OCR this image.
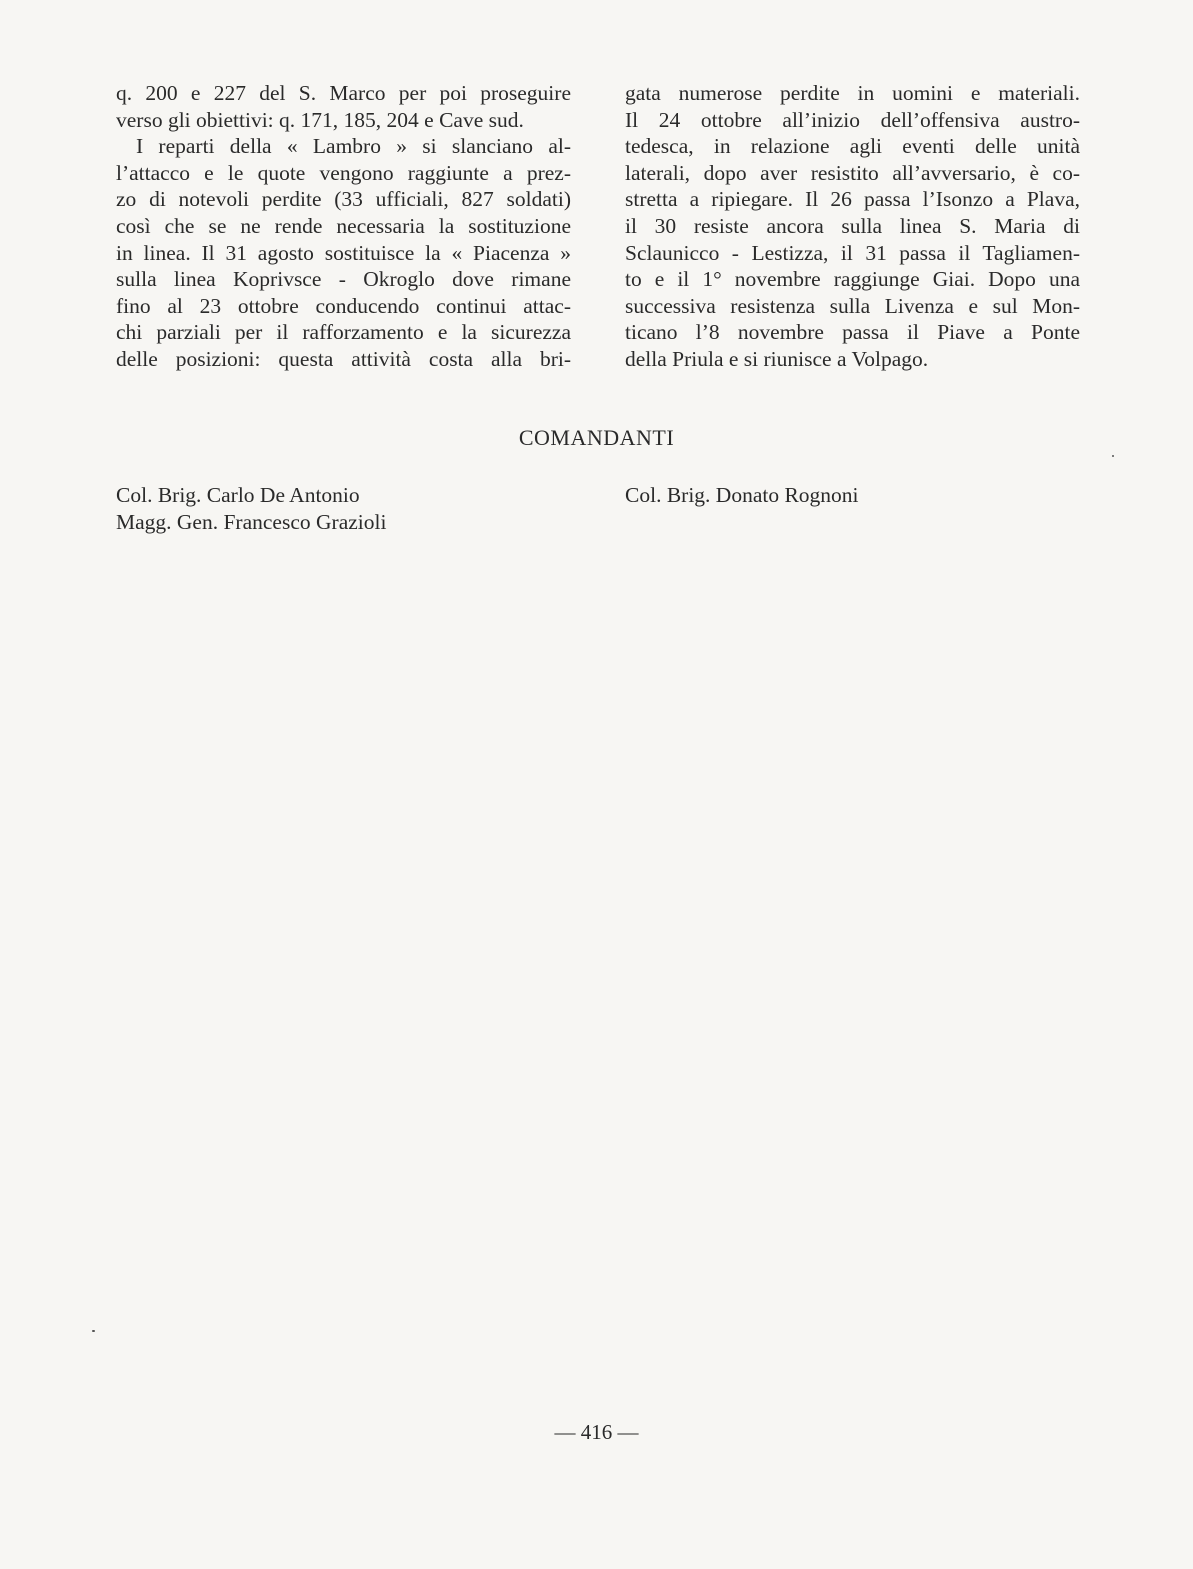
q. 200 e 227 del S. Marco per poi proseguire
verso gli obiettivi: q. 171, 185, 204 e Cave sud.
I reparti della « Lambro » si slanciano al-
l’attacco e le quote vengono raggiunte a prez-
zo di notevoli perdite (33 ufficiali, 827 soldati)
così che se ne rende necessaria la sostituzione
in linea. Il 31 agosto sostituisce la « Piacenza »
sulla linea Koprivsce - Okroglo dove rimane
fino al 23 ottobre conducendo continui attac-
chi parziali per il rafforzamento e la sicurezza
delle posizioni: questa attività costa alla bri-
gata numerose perdite in uomini e materiali.
Il 24 ottobre all’inizio dell’offensiva austro-
tedesca, in relazione agli eventi delle unità
laterali, dopo aver resistito all’avversario, è co-
stretta a ripiegare. Il 26 passa l’Isonzo a Plava,
il 30 resiste ancora sulla linea S. Maria di
Sclaunicco - Lestizza, il 31 passa il Tagliamen-
to e il 1° novembre raggiunge Giai. Dopo una
successiva resistenza sulla Livenza e sul Mon-
ticano l’8 novembre passa il Piave a Ponte
della Priula e si riunisce a Volpago.
COMANDANTI
Col. Brig. Carlo De Antonio
Magg. Gen. Francesco Grazioli
Col. Brig. Donato Rognoni
— 416 —
